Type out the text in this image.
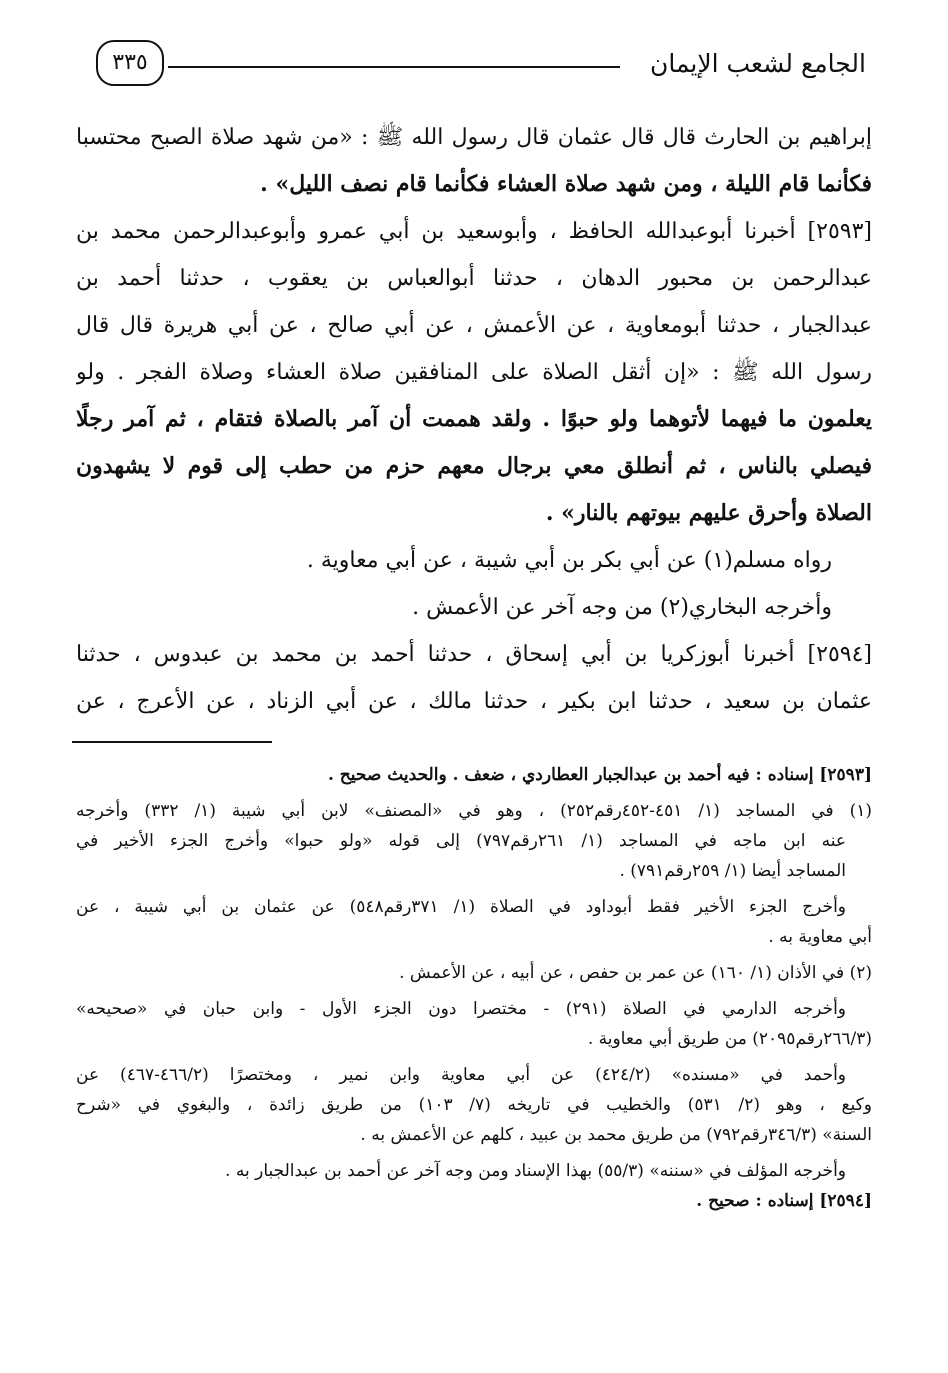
الجامع لشعب الإيمان
٣٣٥
إبراهيم بن الحارث قال قال عثمان قال رسول الله ﷺ : «من شهد صلاة الصبح محتسبا
فكأنما قام الليلة ، ومن شهد صلاة العشاء فكأنما قام نصف الليل» .
[٢٥٩٣] أخبرنا أبوعبدالله الحافظ ، وأبوسعيد بن أبي عمرو وأبوعبدالرحمن محمد بن
عبدالرحمن بن محبور الدهان ، حدثنا أبوالعباس بن يعقوب ، حدثنا أحمد بن
عبدالجبار ، حدثنا أبومعاوية ، عن الأعمش ، عن أبي صالح ، عن أبي هريرة قال قال
رسول الله ﷺ : «إن أثقل الصلاة على المنافقين صلاة العشاء وصلاة الفجر . ولو
يعلمون ما فيهما لأتوهما ولو حبوًا . ولقد هممت أن آمر بالصلاة فتقام ، ثم آمر رجلًا
فيصلي بالناس ، ثم أنطلق معي برجال معهم حزم من حطب إلى قوم لا يشهدون
الصلاة وأحرق عليهم بيوتهم بالنار» .
رواه مسلم(١) عن أبي بكر بن أبي شيبة ، عن أبي معاوية .
وأخرجه البخاري(٢) من وجه آخر عن الأعمش .
[٢٥٩٤] أخبرنا أبوزكريا بن أبي إسحاق ، حدثنا أحمد بن محمد بن عبدوس ، حدثنا
عثمان بن سعيد ، حدثنا ابن بكير ، حدثنا مالك ، عن أبي الزناد ، عن الأعرج ، عن
[٢٥٩٣] إسناده : فيه أحمد بن عبدالجبار العطاردي ، ضعف . والحديث صحيح .
(١) في المساجد (١/ ٤٥١-٤٥٢رقم٢٥٢) ، وهو في «المصنف» لابن أبي شيبة (١/ ٣٣٢) وأخرجه
عنه ابن ماجه في المساجد (١/ ٢٦١رقم٧٩٧) إلى قوله «ولو حبوا» وأخرج الجزء الأخير في
المساجد أيضا (١/ ٢٥٩رقم٧٩١) .
وأخرج الجزء الأخير فقط أبوداود في الصلاة (١/ ٣٧١رقم٥٤٨) عن عثمان بن أبي شيبة ، عن
أبي معاوية به .
(٢) في الأذان (١/ ١٦٠) عن عمر بن حفص ، عن أبيه ، عن الأعمش .
وأخرجه الدارمي في الصلاة (٢٩١) - مختصرا دون الجزء الأول - وابن حبان في «صحيحه»
(٢٦٦/٣رقم٢٠٩٥) من طريق أبي معاوية .
وأحمد في «مسنده» (٤٢٤/٢) عن أبي معاوية وابن نمير ، ومختصرًا (٤٦٦/٢-٤٦٧) عن
وكيع ، وهو (٢/ ٥٣١) والخطيب في تاريخه (٧/ ١٠٣) من طريق زائدة ، والبغوي في «شرح
السنة» (٣٤٦/٣رقم٧٩٢) من طريق محمد بن عبيد ، كلهم عن الأعمش به .
وأخرجه المؤلف في «سننه» (٥٥/٣) بهذا الإسناد ومن وجه آخر عن أحمد بن عبدالجبار به .
[٢٥٩٤] إسناده : صحيح .
